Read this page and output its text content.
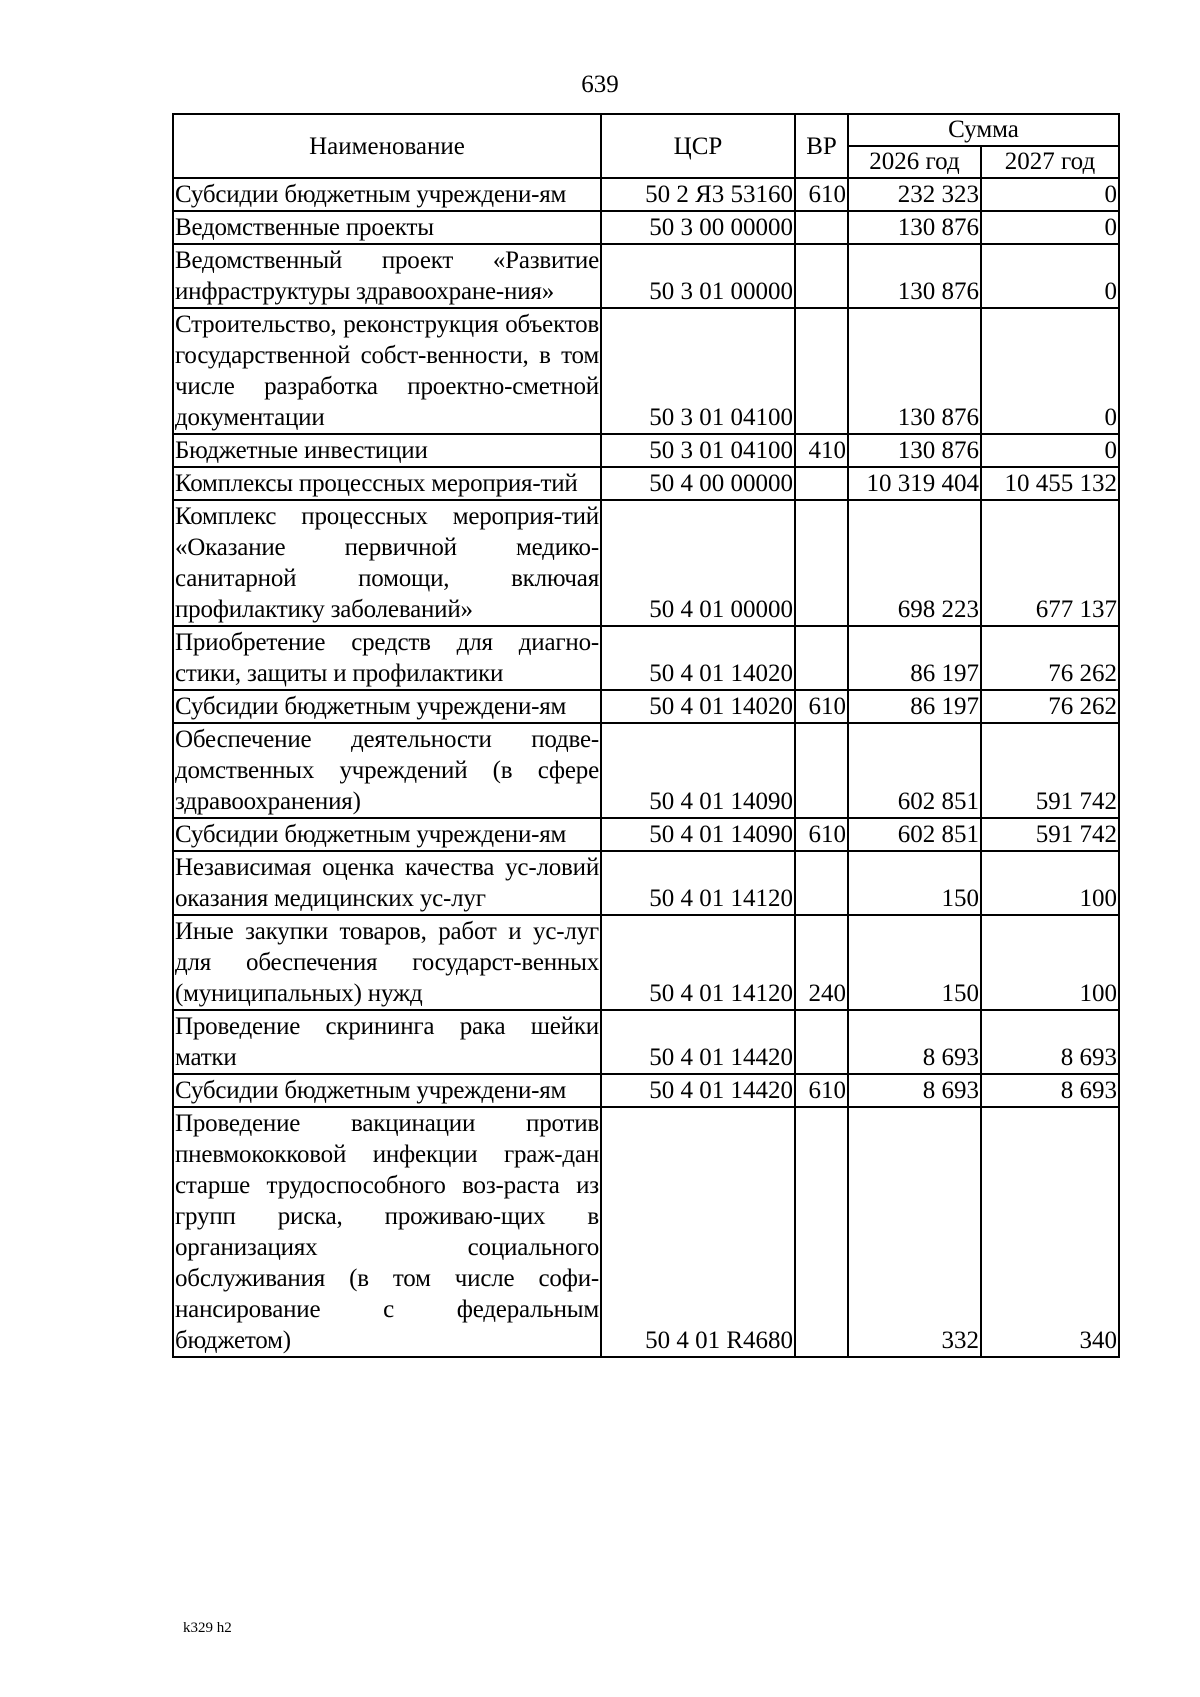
639
Наименование	ЦСР	ВР	Сумма	
			2026 год	2027 год
Субсидии бюджетным учреждени-ям	50 2 Я3 53160	610	232 323	0
Ведомственные проекты	50 3 00 00000		130 876	0
Ведомственный проект «Развитие инфраструктуры здравоохране-ния»	50 3 01 00000		130 876	0
Строительство, реконструкция объектов государственной собст-венности, в том числе разработка проектно-сметной документации	50 3 01 04100		130 876	0
Бюджетные инвестиции	50 3 01 04100	410	130 876	0
Комплексы процессных мероприя-тий	50 4 00 00000		10 319 404	10 455 132
Комплекс процессных мероприя-тий «Оказание первичной медико-санитарной помощи, включая профилактику заболеваний»	50 4 01 00000		698 223	677 137
Приобретение средств для диагно-стики, защиты и профилактики	50 4 01 14020		86 197	76 262
Субсидии бюджетным учреждени-ям	50 4 01 14020	610	86 197	76 262
Обеспечение деятельности подве-домственных учреждений (в сфере здравоохранения)	50 4 01 14090		602 851	591 742
Субсидии бюджетным учреждени-ям	50 4 01 14090	610	602 851	591 742
Независимая оценка качества ус-ловий оказания медицинских ус-луг	50 4 01 14120		150	100
Иные закупки товаров, работ и ус-луг для обеспечения государст-венных (муниципальных) нужд	50 4 01 14120	240	150	100
Проведение скрининга рака шейки матки	50 4 01 14420		8 693	8 693
Субсидии бюджетным учреждени-ям	50 4 01 14420	610	8 693	8 693
Проведение вакцинации против пневмококковой инфекции граж-дан старше трудоспособного воз-раста из групп риска, проживаю-щих в организациях социального обслуживания (в том числе софи-нансирование с федеральным бюджетом)	50 4 01 R4680		332	340
k329 h2
